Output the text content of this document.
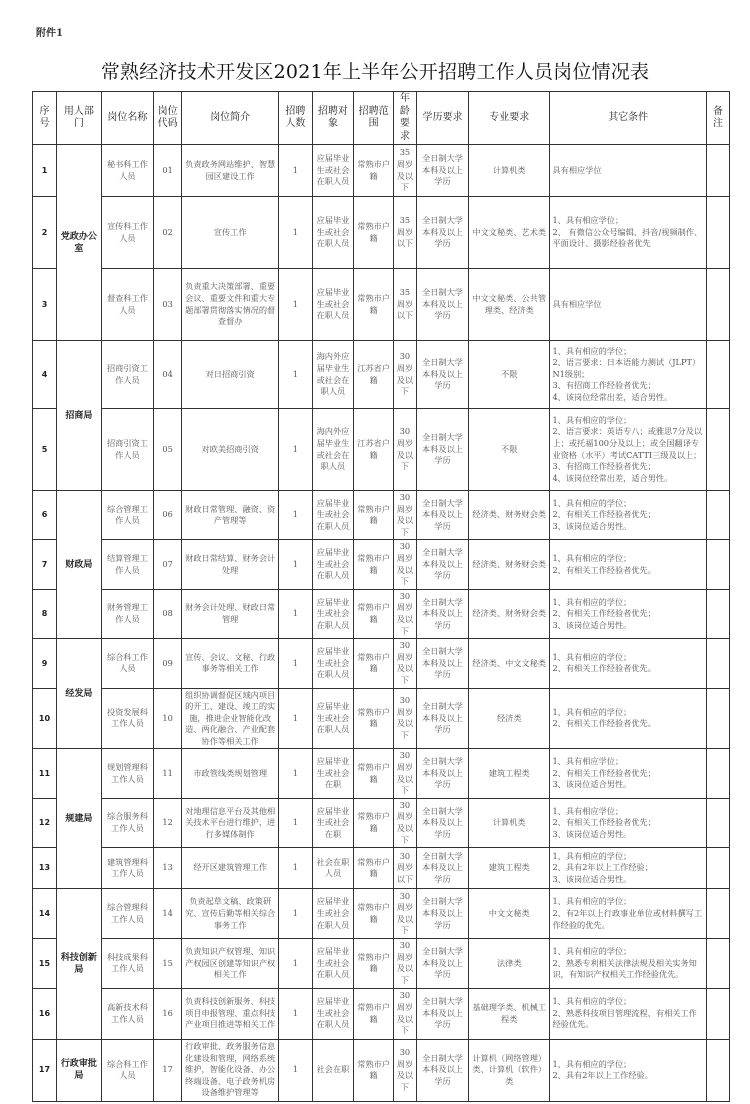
附件1
常熟经济技术开发区2021年上半年公开招聘工作人员岗位情况表
序号	用人部门	岗位名称	岗位代码	岗位简介	招聘人数	招聘对象	招聘范围	年龄要求	学历要求	专业要求	其它条件	备注
1	党政办公室	秘书科工作人员	01	负责政务网站维护、智慧园区建设工作	1	应届毕业生或社会在职人员	常熟市户籍	35周岁及以下	全日制大学本科及以上学历	计算机类	具有相应学位	

2		宣传科工作人员	02	宣传工作	1	应届毕业生或社会在职人员	常熟市户籍	35周岁以下	全日制大学本科及以上学历	中文文秘类、艺术类	1、具有相应学位；
2、 有微信公众号编辑、抖音/视频制作、平面设计、摄影经验者优先	

3		督查科工作人员	03	负责重大决策部署、重要会议、重要文件和重大专题部署贯彻落实情况的督查督办	1	应届毕业生或社会在职人员	常熟市户籍	35周岁以下	全日制大学本科及以上学历	中文文秘类、公共管理类、经济类	具有相应学位	

4	招商局	招商引资工作人员	04	对日招商引资	1	海内外应届毕业生或社会在职人员	江苏省户籍	30周岁及以下	全日制大学本科及以上学历	不限	1、具有相应的学位；
2、语言要求：日本语能力测试（JLPT）N1级别；
3、有招商工作经验者优先；
4、该岗位经常出差，适合男性。	

5		招商引资工作人员	05	对欧美招商引资	1	海内外应届毕业生或社会在职人员	江苏省户籍	30周岁及以下	全日制大学本科及以上学历	不限	1、具有相应的学位；
2、语言要求：英语专八；或雅思7分及以上；或托福100分及以上；或全国翻译专业资格（水平）考试CATTI三级及以上；
3、有招商工作经验者优先；
4、该岗位经常出差，适合男性。	

6	财政局	综合管理工作人员	06	财政日常管理、融资、资产管理等	1	应届毕业生或社会在职人员	常熟市户籍	30周岁及以下	全日制大学本科及以上学历	经济类、财务财会类	1、具有相应的学位；
2、有相关工作经验者优先；
3、该岗位适合男性。	

7		结算管理工作人员	07	财政日常结算、财务会计处理	1	应届毕业生或社会在职人员	常熟市户籍	30周岁及以下	全日制大学本科及以上学历	经济类、财务财会类	1、具有相应的学位；
2、有相关工作经验者优先。	

8		财务管理工作人员	08	财务会计处理、财政日常管理	1	应届毕业生或社会在职人员	常熟市户籍	30周岁及以下	全日制大学本科及以上学历	经济类、财务财会类	1、具有相应的学位；
2、有相关工作经验者优先；
3、该岗位适合男性。	

9	经发局	综合科工作人员	09	宣传、会议、文秘、行政事务等相关工作	1	应届毕业生或社会在职人员	常熟市户籍	30周岁及以下	全日制大学本科及以上学历	经济类、中文文秘类	1、具有相应的学位；
2、有相关工作经验者优先。	

10		投资发展科工作人员	10	组织协调督促区域内项目的开工、建设、竣工的实施，推进企业智能化改造、两化融合、产业配套协作等相关工作	1	应届毕业生或社会在职人员	常熟市户籍	30周岁及以下	全日制大学本科及以上学历	经济类	1、具有相应的学位；
2、有相关工作经验者优先。	

11	规建局	规划管理科工作人员	11	市政管线类规划管理	1	应届毕业生或社会在职	常熟市户籍	30周岁及以下	全日制大学本科及以上学历	建筑工程类	1、具有相应学位；
2、有相关工作经验者优先；
3、该岗位适合男性。	

12		综合服务科工作人员	12	对地理信息平台及其他相关技术平台进行维护，进行多媒体制作	1	应届毕业生或社会在职	常熟市户籍	30周岁及以下	全日制大学本科及以上学历	计算机类	1、具有相应学位；
2、有相关工作经验者优先；
3、该岗位适合男性。	

13		建筑管理科工作人员	13	经开区建筑管理工作	1	社会在职人员	常熟市户籍	30周岁以下	全日制大学本科及以上学历	建筑工程类	1、具有相应的学位；
2、具有2年以上工作经验；
3、该岗位适合男性。	

14	科技创新局	综合管理科工作人员	14	负责起草文稿、政策研究、宣传后勤等相关综合事务工作	1	应届毕业生或社会在职人员	常熟市户籍	30周岁及以下	全日制大学本科及以上学历	中文文秘类	1、具有相应的学位；
2、有2年以上行政事业单位或材料撰写工作经验的优先。	

15		科技成果科工作人员	15	负责知识产权管理、知识产权园区创建等知识产权相关工作	1	应届毕业生或社会在职人员	常熟市户籍	30周岁及以下	全日制大学本科及以上学历	法律类	1、具有相应的学位；
2、熟悉专利相关法律法规及相关实务知识，有知识产权相关工作经验优先。	

16		高新技术科工作人员	16	负责科技创新服务、科技项目申报管理、重点科技产业项目推进等相关工作	1	应届毕业生或社会在职人员	常熟市户籍	30周岁及以下	全日制大学本科及以上学历	基础理学类、机械工程类	1、具有相应的学位；
2、熟悉科技项目管理流程，有相关工作经验优先。	

17	行政审批局	综合科工作人员	17	行政审批、政务服务信息化建设和管理，网络系统维护，智能化设备、办公终端设备、电子政务机房设备维护管理等	1	社会在职	常熟市户籍	30周岁及以下	全日制大学本科及以上学历	计算机（网络管理）类、计算机（软件）类	1、具有相应的学位；
2、具有2年以上工作经验。	
